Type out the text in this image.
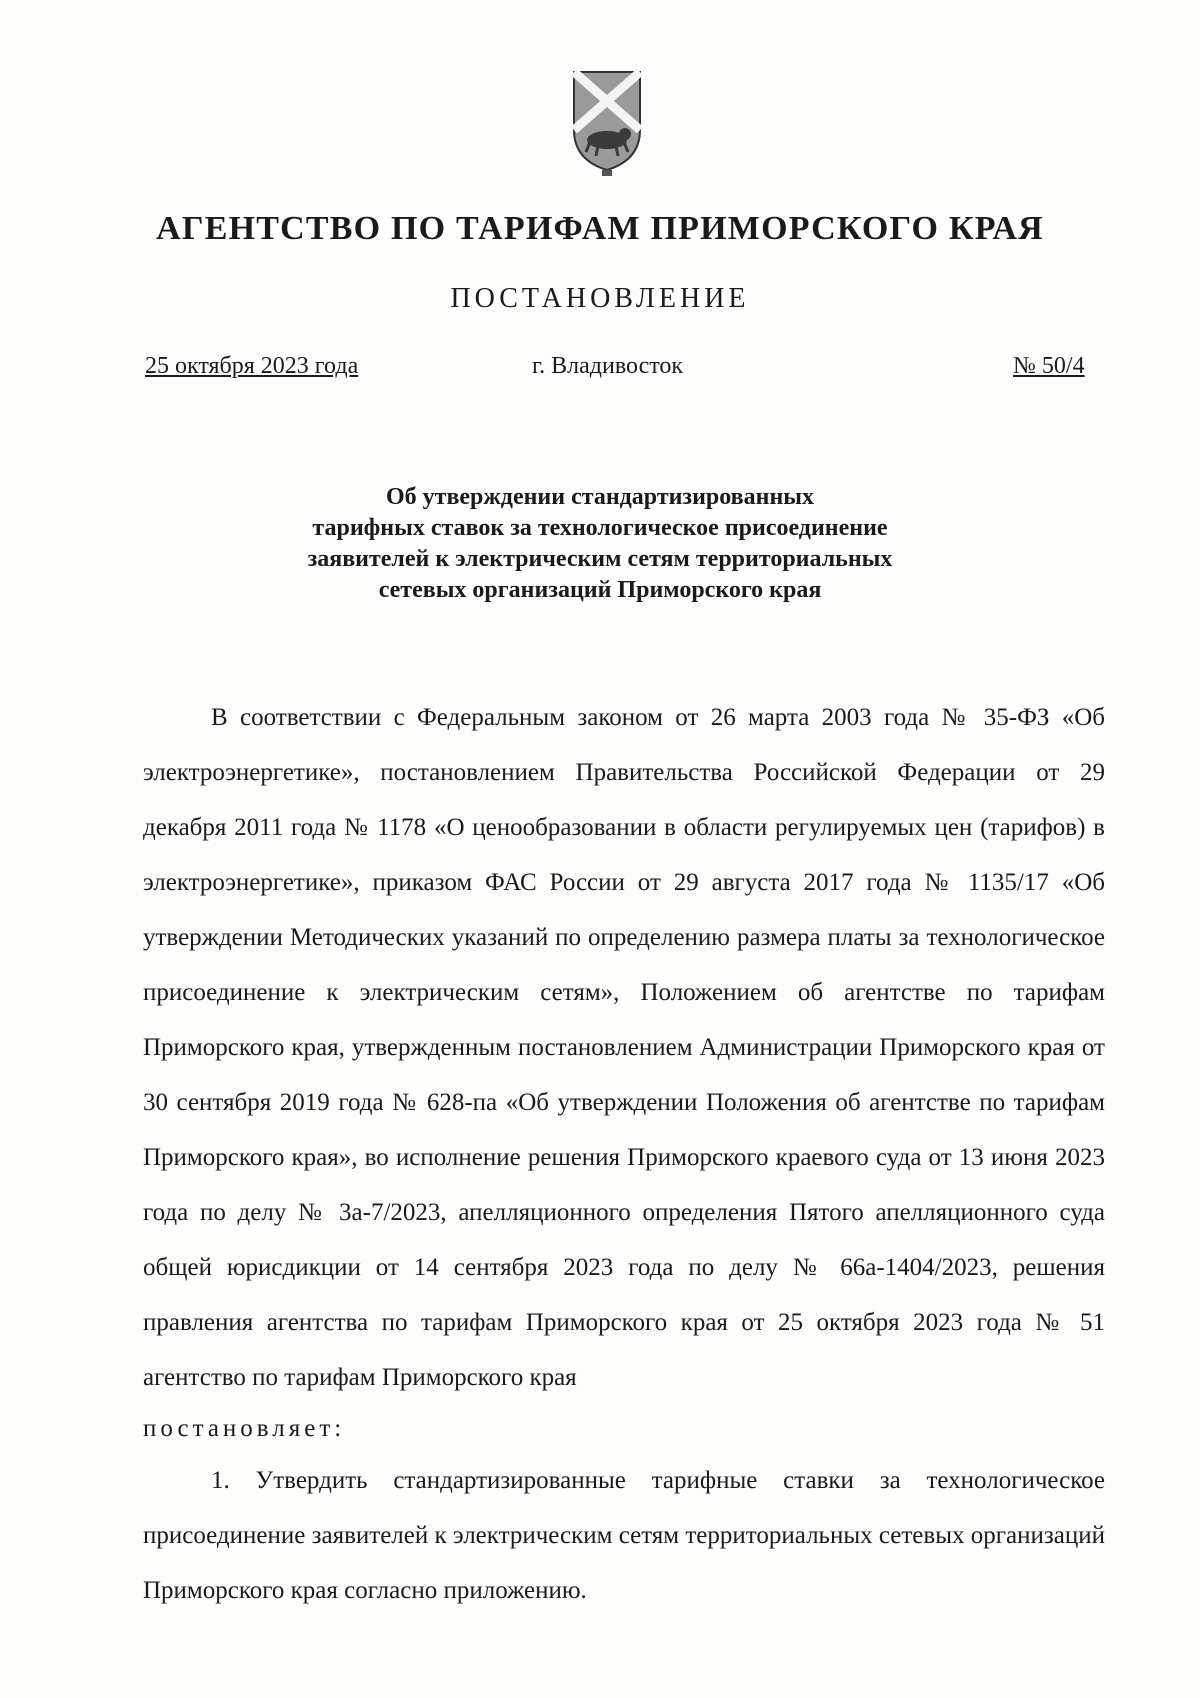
АГЕНТСТВО ПО ТАРИФАМ ПРИМОРСКОГО КРАЯ
ПОСТАНОВЛЕНИЕ
25 октября 2023 года	г. Владивосток	№ 50/4
Об утверждении стандартизированных
тарифных ставок за технологическое присоединение
заявителей к электрическим сетям территориальных
сетевых организаций Приморского края

В соответствии с Федеральным законом от 26 марта 2003 года № 35-ФЗ «Об электроэнергетике», постановлением Правительства Российской Федерации от 29 декабря 2011 года № 1178 «О ценообразовании в области регулируемых цен (тарифов) в электроэнергетике», приказом ФАС России от 29 августа 2017 года № 1135/17 «Об утверждении Методических указаний по определению размера платы за технологическое присоединение к электрическим сетям», Положением об агентстве по тарифам Приморского края, утвержденным постановлением Администрации Приморского края от 30 сентября 2019 года № 628-па «Об утверждении Положения об агентстве по тарифам Приморского края», во исполнение решения Приморского краевого суда от 13 июня 2023 года по делу № 3а-7/2023, апелляционного определения Пятого апелляционного суда общей юрисдикции от 14 сентября 2023 года по делу № 66а-1404/2023, решения правления агентства по тарифам Приморского края от 25 октября 2023 года № 51 агентство по тарифам Приморского края

постановляет:

1. Утвердить стандартизированные тарифные ставки за технологическое присоединение заявителей к электрическим сетям территориальных сетевых организаций Приморского края согласно приложению.
